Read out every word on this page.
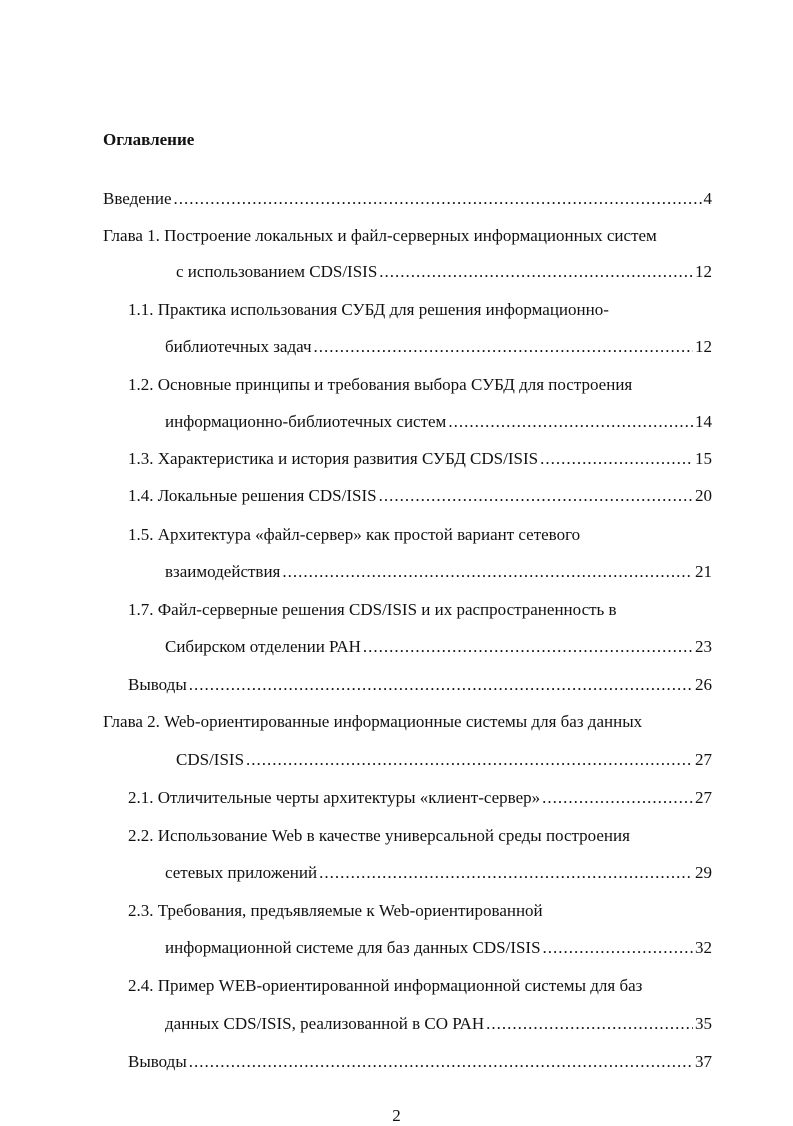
Оглавление
Введение .....	4
Глава 1. Построение локальных и файл-серверных информационных систем
с использованием CDS/ISIS .....	12
1.1. Практика использования СУБД для решения информационно-
библиотечных задач .....	12
1.2. Основные принципы и требования выбора СУБД для построения
информационно-библиотечных систем .....	14
1.3. Характеристика и история развития СУБД CDS/ISIS .....	15
1.4. Локальные решения CDS/ISIS .....	20
1.5. Архитектура «файл-сервер» как простой вариант сетевого
взаимодействия .....	21
1.7. Файл-серверные решения CDS/ISIS и их распространенность в
Сибирском отделении РАН .....	23
Выводы .....	26
Глава 2. Web-ориентированные информационные системы для баз данных
CDS/ISIS .....	27
2.1. Отличительные черты архитектуры «клиент-сервер» .....	27
2.2. Использование Web в качестве универсальной среды построения
сетевых приложений .....	29
2.3. Требования, предъявляемые к Web-ориентированной
информационной системе для баз данных CDS/ISIS .....	32
2.4. Пример WEB-ориентированной информационной системы для баз
данных CDS/ISIS, реализованной в СО РАН .....	35
Выводы .....	37
2
